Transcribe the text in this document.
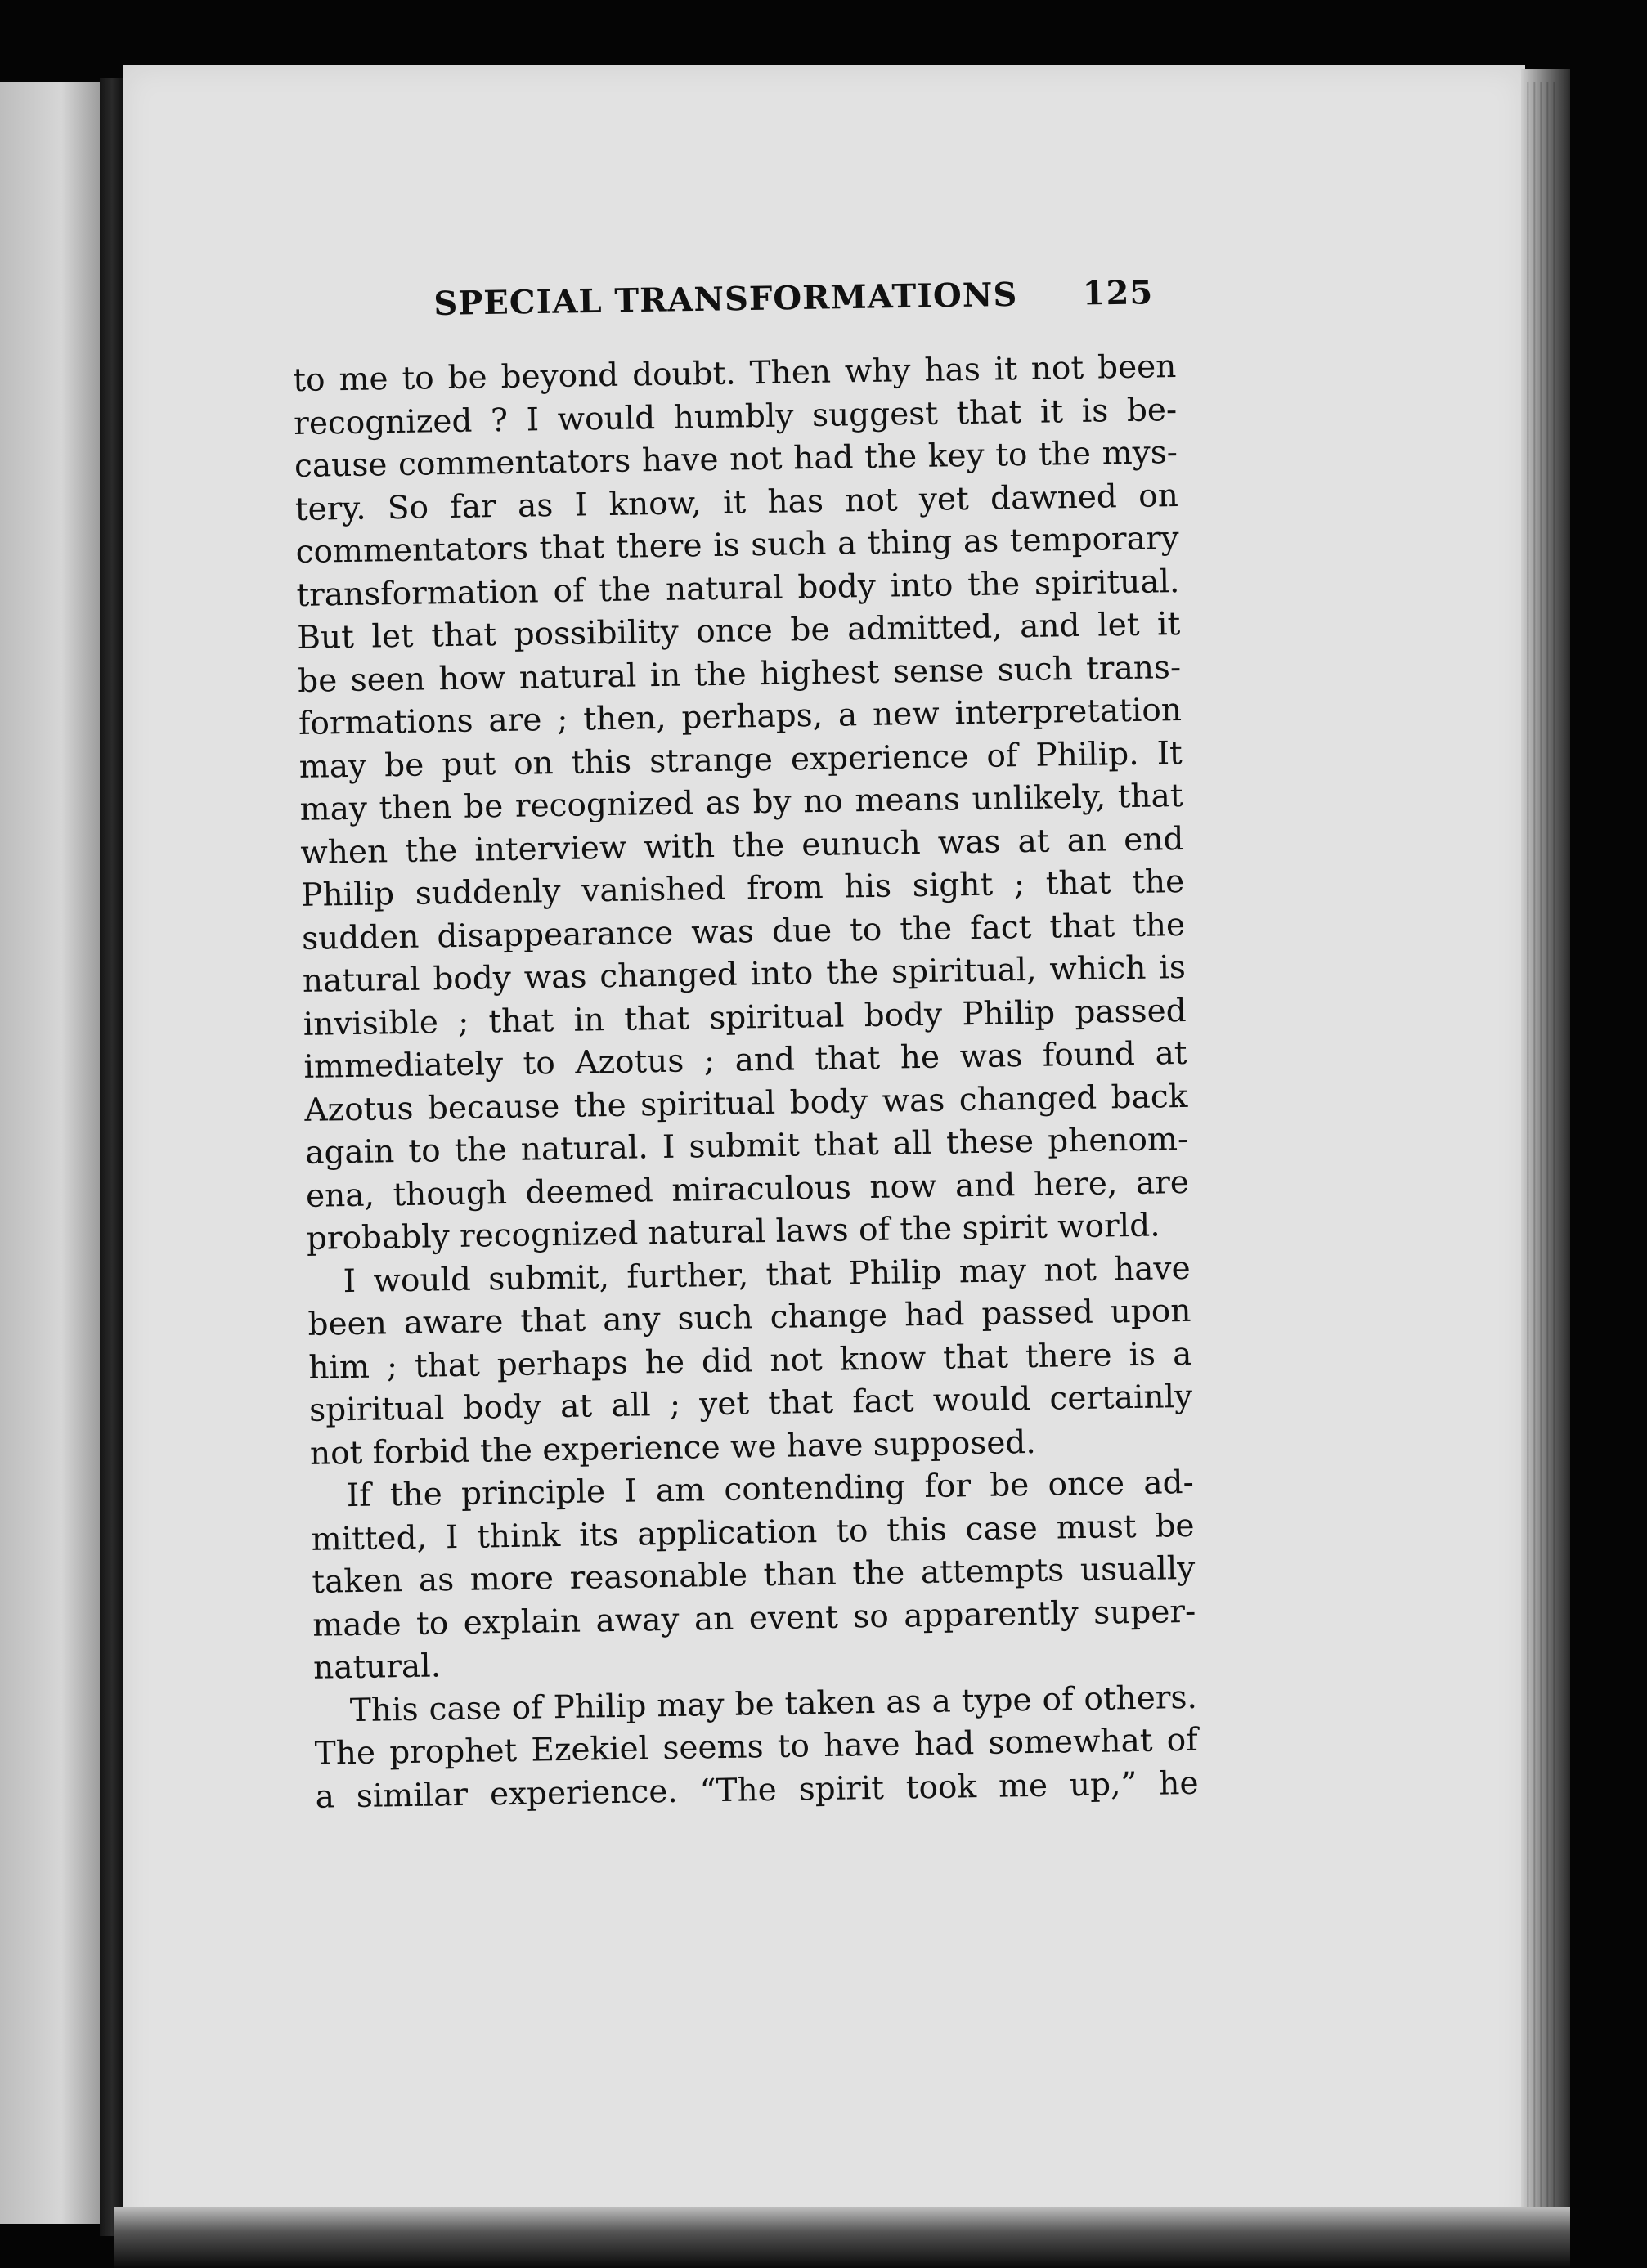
SPECIAL TRANSFORMATIONS 125
to me to be beyond doubt. Then why has it not been
recognized ? I would humbly suggest that it is be-
cause commentators have not had the key to the mys-
tery. So far as I know, it has not yet dawned on
commentators that there is such a thing as temporary
transformation of the natural body into the spiritual.
But let that possibility once be admitted, and let it
be seen how natural in the highest sense such trans-
formations are ; then, perhaps, a new interpretation
may be put on this strange experience of Philip. It
may then be recognized as by no means unlikely, that
when the interview with the eunuch was at an end
Philip suddenly vanished from his sight ; that the
sudden disappearance was due to the fact that the
natural body was changed into the spiritual, which is
invisible ; that in that spiritual body Philip passed
immediately to Azotus ; and that he was found at
Azotus because the spiritual body was changed back
again to the natural. I submit that all these phenom-
ena, though deemed miraculous now and here, are
probably recognized natural laws of the spirit world.
I would submit, further, that Philip may not have
been aware that any such change had passed upon
him ; that perhaps he did not know that there is a
spiritual body at all ; yet that fact would certainly
not forbid the experience we have supposed.
If the principle I am contending for be once ad-
mitted, I think its application to this case must be
taken as more reasonable than the attempts usually
made to explain away an event so apparently super-
natural.
This case of Philip may be taken as a type of others.
The prophet Ezekiel seems to have had somewhat of
a similar experience. “The spirit took me up,” he
